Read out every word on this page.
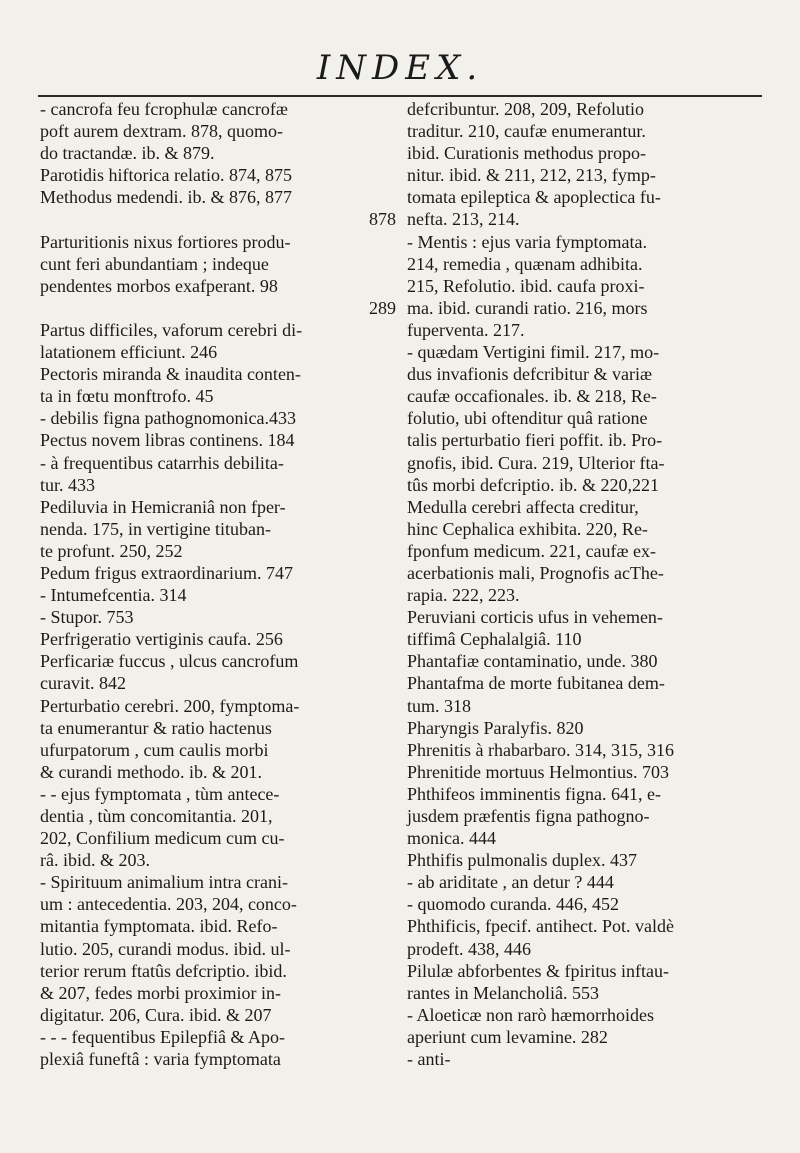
INDEX.
- cancrofa feu fcrophulæ cancrofæ
poft aurem dextram. 878, quomo-
do tractandæ. ib. & 879.
Parotidis hiftorica relatio. 874, 875
Methodus medendi. ib. & 876, 877
878
Parturitionis nixus fortiores produ-
cunt feri abundantiam ; indeque
pendentes morbos exafperant. 98
289
Partus difficiles, vaforum cerebri di-
latationem efficiunt. 246
Pectoris miranda & inaudita conten-
ta in fœtu monftrofo. 45
- debilis figna pathognomonica.433
Pectus novem libras continens. 184
- à frequentibus catarrhis debilita-
tur. 433
Pediluvia in Hemicraniâ non fper-
nenda. 175, in vertigine tituban-
te profunt. 250, 252
Pedum frigus extraordinarium. 747
- Intumefcentia. 314
- Stupor. 753
Perfrigeratio vertiginis caufa. 256
Perficariæ fuccus , ulcus cancrofum
curavit. 842
Perturbatio cerebri. 200, fymptoma-
ta enumerantur & ratio hactenus
ufurpatorum , cum caulis morbi
& curandi methodo. ib. & 201.
- - ejus fymptomata , tùm antece-
dentia , tùm concomitantia. 201,
202, Confilium medicum cum cu-
râ. ibid. & 203.
- Spirituum animalium intra crani-
um : antecedentia. 203, 204, conco-
mitantia fymptomata. ibid. Refo-
lutio. 205, curandi modus. ibid. ul-
terior rerum ftatûs defcriptio. ibid.
& 207, fedes morbi proximior in-
digitatur. 206, Cura. ibid. & 207
- - - fequentibus Epilepfiâ & Apo-
plexiâ funeftâ : varia fymptomata
defcribuntur. 208, 209, Refolutio
traditur. 210, caufæ enumerantur.
ibid. Curationis methodus propo-
nitur. ibid. & 211, 212, 213, fymp-
tomata epileptica & apoplectica fu-
nefta. 213, 214.
- Mentis : ejus varia fymptomata.
214, remedia , quænam adhibita.
215, Refolutio. ibid. caufa proxi-
ma. ibid. curandi ratio. 216, mors
fuperventa. 217.
- quædam Vertigini fimil. 217, mo-
dus invafionis defcribitur & variæ
caufæ occafionales. ib. & 218, Re-
folutio, ubi oftenditur quâ ratione
talis perturbatio fieri poffit. ib. Pro-
gnofis, ibid. Cura. 219, Ulterior fta-
tûs morbi defcriptio. ib. & 220,221
Medulla cerebri affecta creditur,
hinc Cephalica exhibita. 220, Re-
fponfum medicum. 221, caufæ ex-
acerbationis mali, Prognofis acThe-
rapia. 222, 223.
Peruviani corticis ufus in vehemen-
tiffimâ Cephalalgiâ. 110
Phantafiæ contaminatio, unde. 380
Phantafma de morte fubitanea dem-
tum. 318
Pharyngis Paralyfis. 820
Phrenitis à rhabarbaro. 314, 315, 316
Phrenitide mortuus Helmontius. 703
Phthifeos imminentis figna. 641, e-
jusdem præfentis figna pathogno-
monica. 444
Phthifis pulmonalis duplex. 437
- ab ariditate , an detur ? 444
- quomodo curanda. 446, 452
Phthificis, fpecif. antihect. Pot. valdè
prodeft. 438, 446
Pilulæ abforbentes & fpiritus inftau-
rantes in Melancholiâ. 553
- Aloeticæ non rarò hæmorrhoides
aperiunt cum levamine. 282
- anti-
